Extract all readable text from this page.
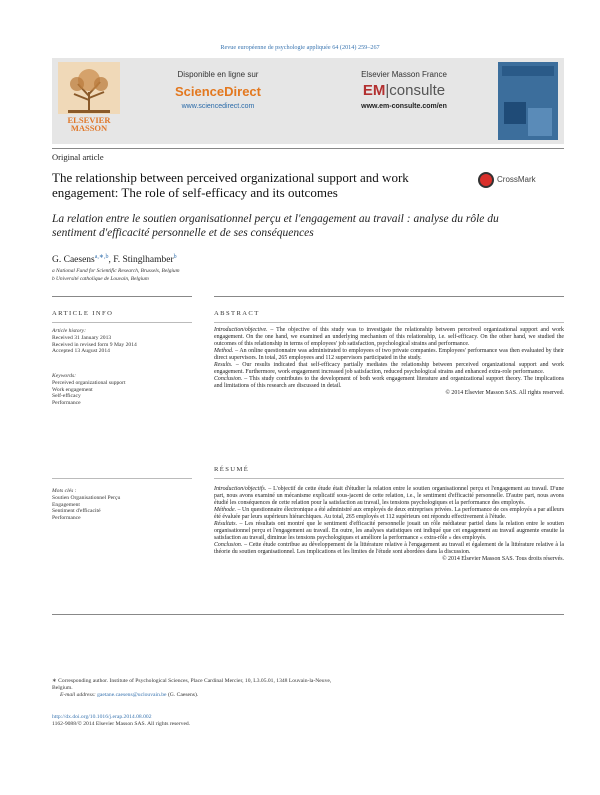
Revue européenne de psychologie appliquée 64 (2014) 259–267
ELSEVIER MASSON
Disponible en ligne sur
ScienceDirect
www.sciencedirect.com
Elsevier Masson France
EM|consulte
www.em-consulte.com/en
Original article
The relationship between perceived organizational support and work engagement: The role of self-efficacy and its outcomes
CrossMark
La relation entre le soutien organisationnel perçu et l'engagement au travail : analyse du rôle du sentiment d'efficacité personnelle et de ses conséquences
G. Caesens$^{a,∗,b}$, F. Stinglhamber$^b$
a National Fund for Scientific Research, Brussels, Belgium
b Université catholique de Louvain, Belgium
ARTICLE INFO
Article history:
Received 31 January 2013
Received in revised form 9 May 2014
Accepted 13 August 2014
Keywords:
Perceived organizational support
Work engagement
Self-efficacy
Performance
ABSTRACT

Introduction/objective. – The objective of this study was to investigate the relationship between perceived organizational support and work engagement. On the one hand, we examined an underlying mechanism of this relationship, i.e. self-efficacy. On the other hand, we studied the outcomes of this relationship in terms of employees' job satisfaction, psychological strains and performance.

Method. – An online questionnaire was administrated to employees of two private companies. Employees' performance was then evaluated by their direct supervisors. In total, 265 employees and 112 supervisors participated in the study.

Results. – Our results indicated that self-efficacy partially mediates the relationship between perceived organizational support and work engagement. Furthermore, work engagement increased job satisfaction, reduced psychological strains and enhanced extra-role performance.

Conclusion. – This study contributes to the development of both work engagement literature and organizational support theory. The implications and limitations of this research are discussed in detail.

© 2014 Elsevier Masson SAS. All rights reserved.

RÉSUMÉ
Mots clés :
Soutien Organisationnel Perçu
Engagement
Sentiment d'efficacité
Performance

Introduction/objectifs. – L'objectif de cette étude était d'étudier la relation entre le soutien organisationnel perçu et l'engagement au travail. D'une part, nous avons examiné un mécanisme explicatif sous-jacent de cette relation, i.e., le sentiment d'efficacité personnelle. D'autre part, nous avons étudié les conséquences de cette relation pour la satisfaction au travail, les tensions psychologiques et la performance des employés.

Méthode. – Un questionnaire électronique a été administré aux employés de deux entreprises privées. La performance de ces employés a par ailleurs été évaluée par leurs supérieurs hiérarchiques. Au total, 265 employés et 112 supérieurs ont répondu effectivement à l'étude.

Résultats. – Les résultats ont montré que le sentiment d'efficacité personnelle jouait un rôle médiateur partiel dans la relation entre le soutien organisationnel perçu et l'engagement au travail. En outre, les analyses statistiques ont indiqué que cet engagement au travail augmente ensuite la satisfaction au travail, diminue les tensions psychologiques et améliore la performance « extra-rôle » des employés.

Conclusion. – Cette étude contribue au développement de la littérature relative à l'engagement au travail et également de la littérature relative à la théorie du soutien organisationnel. Les implications et les limites de l'étude sont abordées dans la discussion.

© 2014 Elsevier Masson SAS. Tous droits réservés.

∗ Corresponding author. Institute of Psychological Sciences, Place Cardinal Mercier, 10, L3.05.01, 1348 Louvain-la-Neuve, Belgium.
E-mail address: gaetane.caesens@uclouvain.be (G. Caesens).
http://dx.doi.org/10.1016/j.erap.2014.08.002
1162-9088/© 2014 Elsevier Masson SAS. All rights reserved.
